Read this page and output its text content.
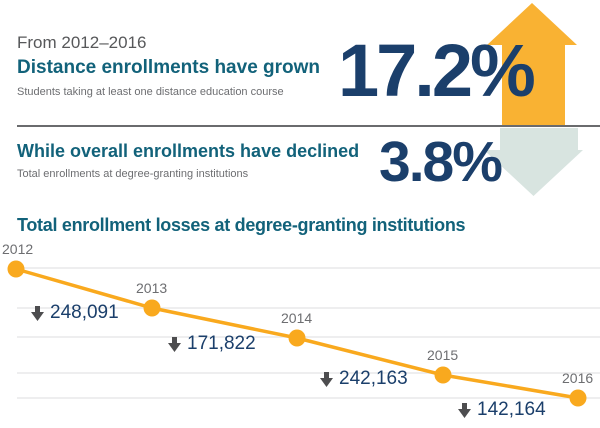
From 2012–2016
Distance enrollments have grown
Students taking at least one distance education course 17.2%
While overall enrollments have declined
Total enrollments at degree-granting institutions 3.8%
Total enrollment losses at degree-granting institutions
2012
2013
2014
2015
2016
248,091
171,822
242,163
142,164
